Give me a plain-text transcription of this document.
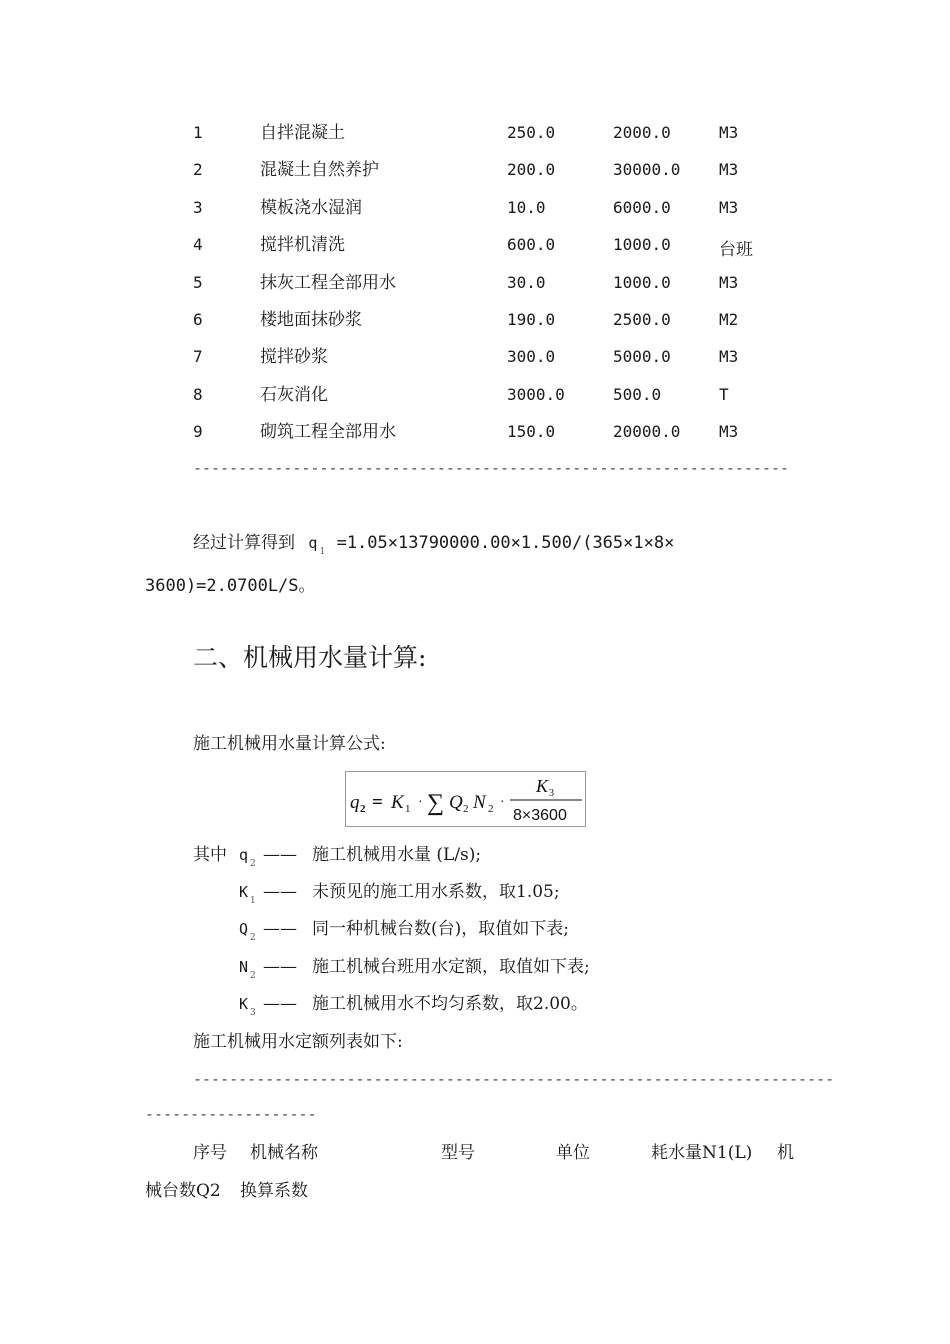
1	自拌混凝土	250.0	2000.0	M3
2	混凝土自然养护	200.0	30000.0 M3
3	模板浇水湿润	10.0	6000.0	M3
4	搅拌机清洗	600.0	1000.0	台班
5	抹灰工程全部用水	30.0	1000.0	M3
6	楼地面抹砂浆	190.0	2500.0	M2
7	搅拌砂浆	300.0	5000.0	M3
8	石灰消化	3000.0	500.0	T
9	砌筑工程全部用水	150.0	20000.0 M3
------------------------------------------------------------------
经过计算得到 q $_1$ =1.05×13790000.00×1.500/(365×1×8×
3600)=2.0700L/S。
二、机械用水量计算:
施工机械用水量计算公式:
q 2 = K 1 · ∑ Q 2 N 2 ·
K 3
8×3600
其中 q $_2$ —— 施工机械用水量 (L/s);
K $_1$ —— 未预见的施工用水系数，取1.05;
Q $_2$ —— 同一种机械台数(台)，取值如下表;
N $_2$ —— 施工机械台班用水定额，取值如下表;
K $_3$ —— 施工机械用水不均匀系数，取2.00。
施工机械用水定额列表如下:
-----------------------------------------------------------------------
-------------------
序号 机械名称	型号	单位	耗水量N1(L) 机
械台数Q2 换算系数
